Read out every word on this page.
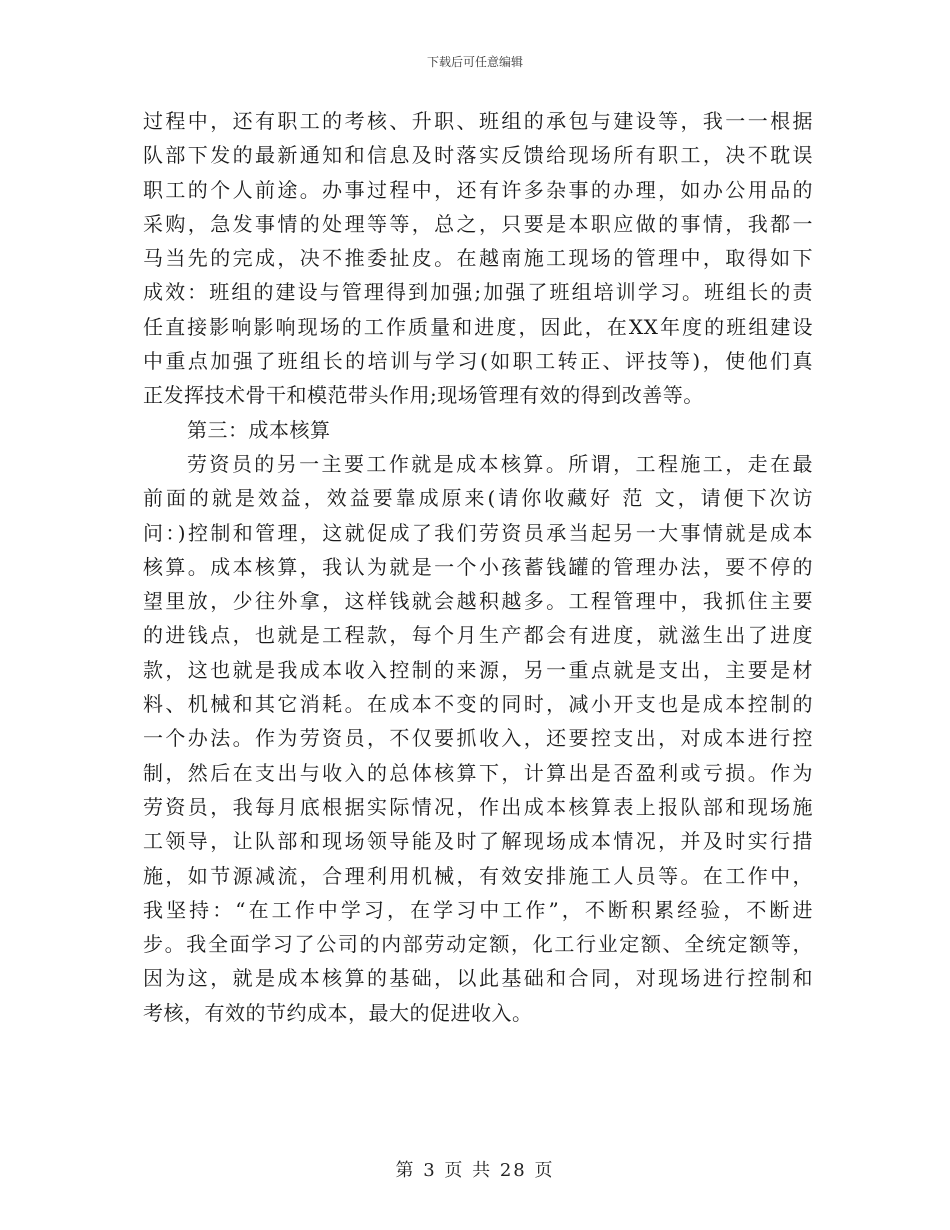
下载后可任意编辑
过程中，还有职工的考核、升职、班组的承包与建设等，我一一根据
队部下发的最新通知和信息及时落实反馈给现场所有职工，决不耽误
职工的个人前途。办事过程中，还有许多杂事的办理，如办公用品的
采购，急发事情的处理等等，总之，只要是本职应做的事情，我都一
马当先的完成，决不推委扯皮。在越南施工现场的管理中，取得如下
成效：班组的建设与管理得到加强;加强了班组培训学习。班组长的责
任直接影响影响现场的工作质量和进度，因此，在XX年度的班组建设
中重点加强了班组长的培训与学习(如职工转正、评技等)，使他们真
正发挥技术骨干和模范带头作用;现场管理有效的得到改善等。
第三：成本核算
劳资员的另一主要工作就是成本核算。所谓，工程施工，走在最
前面的就是效益，效益要靠成原来(请你收藏好 范 文，请便下次访
问：)控制和管理，这就促成了我们劳资员承当起另一大事情就是成本
核算。成本核算，我认为就是一个小孩蓄钱罐的管理办法，要不停的
望里放，少往外拿，这样钱就会越积越多。工程管理中，我抓住主要
的进钱点，也就是工程款，每个月生产都会有进度，就滋生出了进度
款，这也就是我成本收入控制的来源，另一重点就是支出，主要是材
料、机械和其它消耗。在成本不变的同时，减小开支也是成本控制的
一个办法。作为劳资员，不仅要抓收入，还要控支出，对成本进行控
制，然后在支出与收入的总体核算下，计算出是否盈利或亏损。作为
劳资员，我每月底根据实际情况，作出成本核算表上报队部和现场施
工领导，让队部和现场领导能及时了解现场成本情况，并及时实行措
施，如节源减流，合理利用机械，有效安排施工人员等。在工作中，
我坚持：“在工作中学习，在学习中工作”，不断积累经验，不断进
步。我全面学习了公司的内部劳动定额，化工行业定额、全统定额等，
因为这，就是成本核算的基础，以此基础和合同，对现场进行控制和
考核，有效的节约成本，最大的促进收入。
第 3 页 共 28 页
